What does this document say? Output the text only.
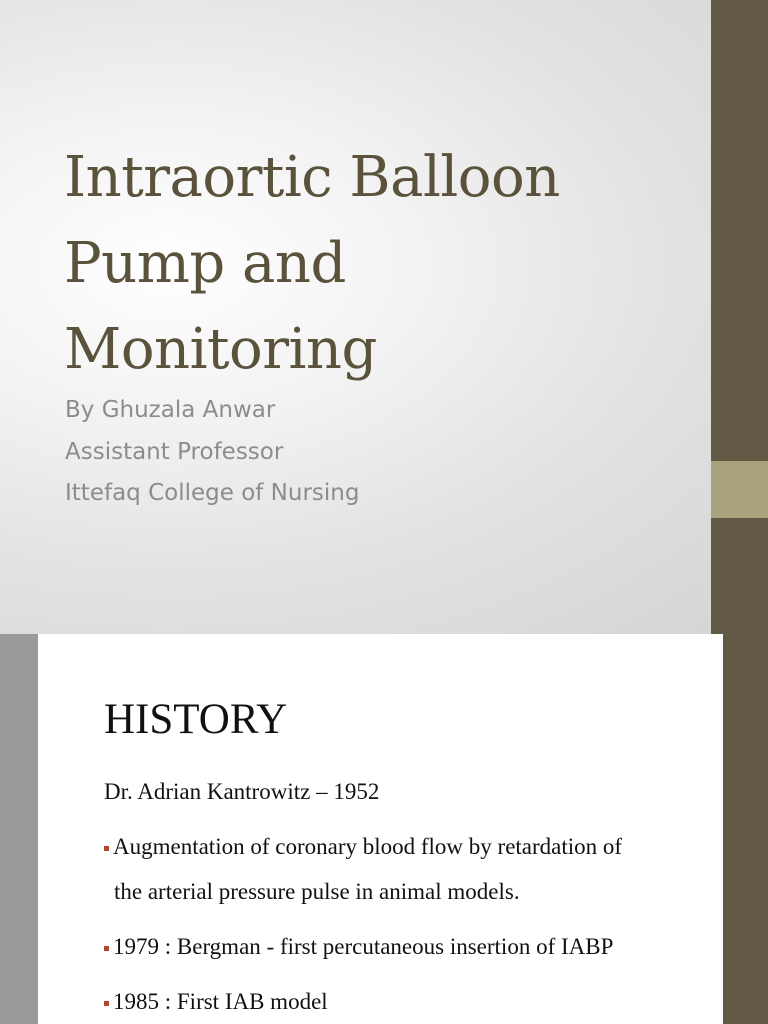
Intraortic Balloon
Pump and
Monitoring
By Ghuzala Anwar
Assistant Professor
Ittefaq College of Nursing
HISTORY
Dr. Adrian Kantrowitz – 1952
Augmentation of coronary blood flow by retardation of
the arterial pressure pulse in animal models.
1979 : Bergman - first percutaneous insertion of IABP
1985 : First IAB model
